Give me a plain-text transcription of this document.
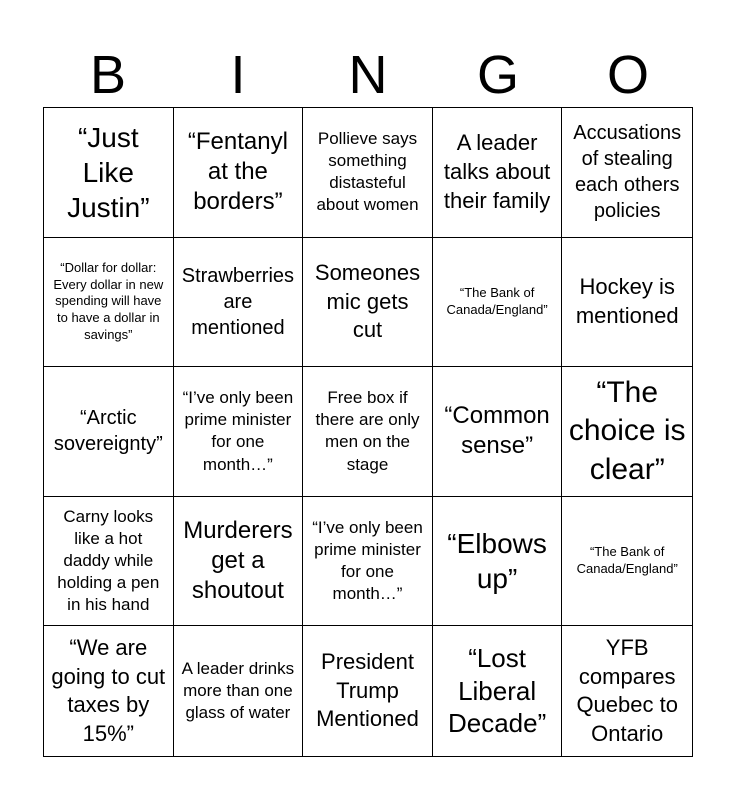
B	I	N	G	O
“Just Like Justin”
“Fentanyl at the borders”
Pollieve says something distasteful about women
A leader talks about their family
Accusations of stealing each others policies
“Dollar for dollar: Every dollar in new spending will have to have a dollar in savings”
Strawberries are mentioned
Someones mic gets cut
“The Bank of Canada/England”
Hockey is mentioned
“Arctic sovereignty”
“I’ve only been prime minister for one month…”
Free box if there are only men on the stage
“Common sense”
“The choice is clear”
Carny looks like a hot daddy while holding a pen in his hand
Murderers get a shoutout
“I’ve only been prime minister for one month…”
“Elbows up”
“The Bank of Canada/England”
“We are going to cut taxes by 15%”
A leader drinks more than one glass of water
President Trump Mentioned
“Lost Liberal Decade”
YFB compares Quebec to Ontario
